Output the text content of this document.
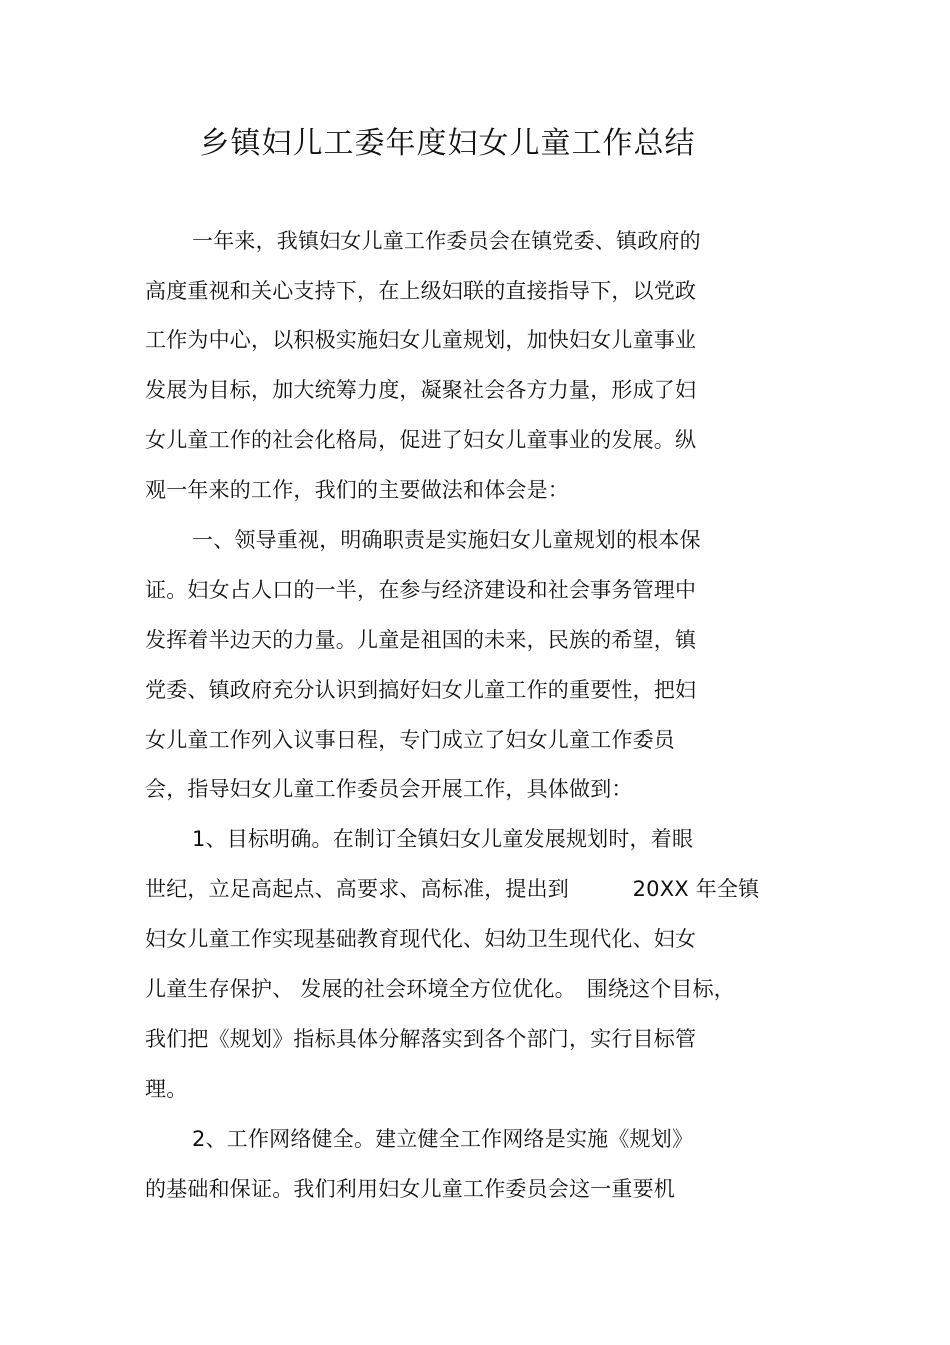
乡镇妇儿工委年度妇女儿童工作总结
一年来，我镇妇女儿童工作委员会在镇党委、镇政府的
高度重视和关心支持下，在上级妇联的直接指导下，以党政
工作为中心，以积极实施妇女儿童规划，加快妇女儿童事业
发展为目标，加大统筹力度，凝聚社会各方力量，形成了妇
女儿童工作的社会化格局，促进了妇女儿童事业的发展。纵
观一年来的工作，我们的主要做法和体会是：
一、领导重视，明确职责是实施妇女儿童规划的根本保
证。妇女占人口的一半，在参与经济建设和社会事务管理中
发挥着半边天的力量。儿童是祖国的未来，民族的希望，镇
党委、镇政府充分认识到搞好妇女儿童工作的重要性，把妇
女儿童工作列入议事日程，专门成立了妇女儿童工作委员
会，指导妇女儿童工作委员会开展工作，具体做到：
1、目标明确。在制订全镇妇女儿童发展规划时，着眼
世纪，立足高起点、高要求、高标准，提出到　　　20XX 年全镇
妇女儿童工作实现基础教育现代化、妇幼卫生现代化、妇女
儿童生存保护、 发展的社会环境全方位优化。　围绕这个目标，
我们把《规划》指标具体分解落实到各个部门，实行目标管
理。
2、工作网络健全。建立健全工作网络是实施《规划》
的基础和保证。我们利用妇女儿童工作委员会这一重要机
